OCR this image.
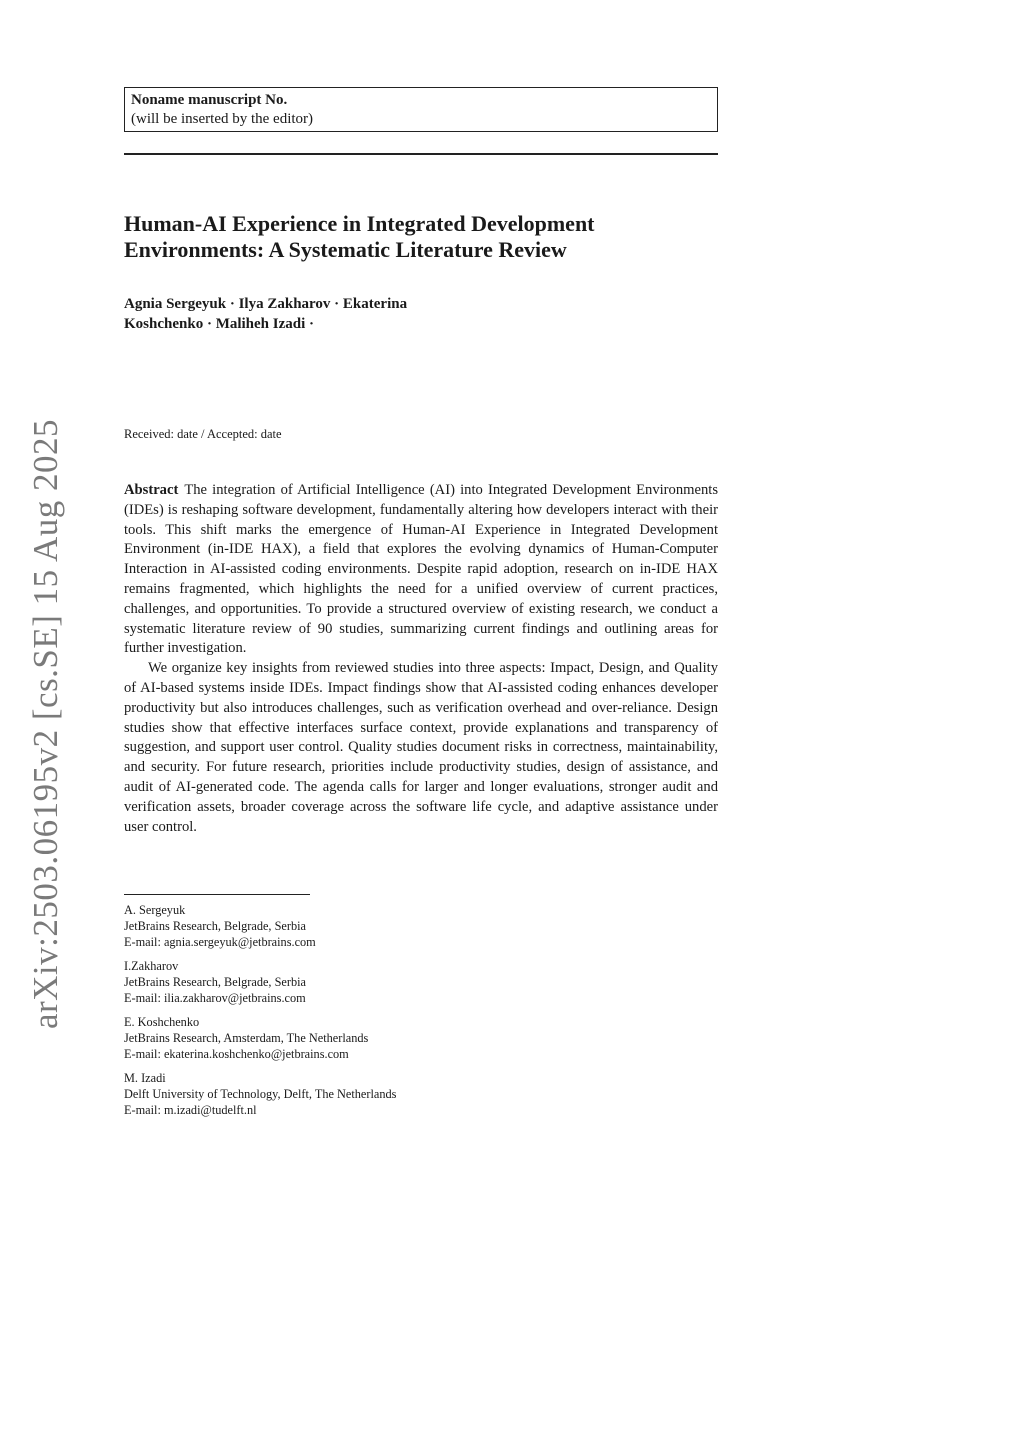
Noname manuscript No.
(will be inserted by the editor)
arXiv:2503.06195v2 [cs.SE] 15 Aug 2025
Human-AI Experience in Integrated Development
Environments: A Systematic Literature Review
Agnia Sergeyuk · Ilya Zakharov · Ekaterina
Koshchenko · Maliheh Izadi ·
Received: date / Accepted: date

Abstract The integration of Artificial Intelligence (AI) into Integrated Development Environments (IDEs) is reshaping software development, fundamentally altering how developers interact with their tools. This shift marks the emergence of Human-AI Experience in Integrated Development Environment (in-IDE HAX), a field that explores the evolving dynamics of Human-Computer Interaction in AI-assisted coding environments. Despite rapid adoption, research on in-IDE HAX remains fragmented, which highlights the need for a unified overview of current practices, challenges, and opportunities. To provide a structured overview of existing research, we conduct a systematic literature review of 90 studies, summarizing current findings and outlining areas for further investigation.

We organize key insights from reviewed studies into three aspects: Impact, Design, and Quality of AI-based systems inside IDEs. Impact findings show that AI-assisted coding enhances developer productivity but also introduces challenges, such as verification overhead and over-reliance. Design studies show that effective interfaces surface context, provide explanations and transparency of suggestion, and support user control. Quality studies document risks in correctness, maintainability, and security. For future research, priorities include productivity studies, design of assistance, and audit of AI-generated code. The agenda calls for larger and longer evaluations, stronger audit and verification assets, broader coverage across the software life cycle, and adaptive assistance under user control.

A. Sergeyuk
JetBrains Research, Belgrade, Serbia
E-mail: agnia.sergeyuk@jetbrains.com
I.Zakharov
JetBrains Research, Belgrade, Serbia
E-mail: ilia.zakharov@jetbrains.com
E. Koshchenko
JetBrains Research, Amsterdam, The Netherlands
E-mail: ekaterina.koshchenko@jetbrains.com
M. Izadi
Delft University of Technology, Delft, The Netherlands
E-mail: m.izadi@tudelft.nl
